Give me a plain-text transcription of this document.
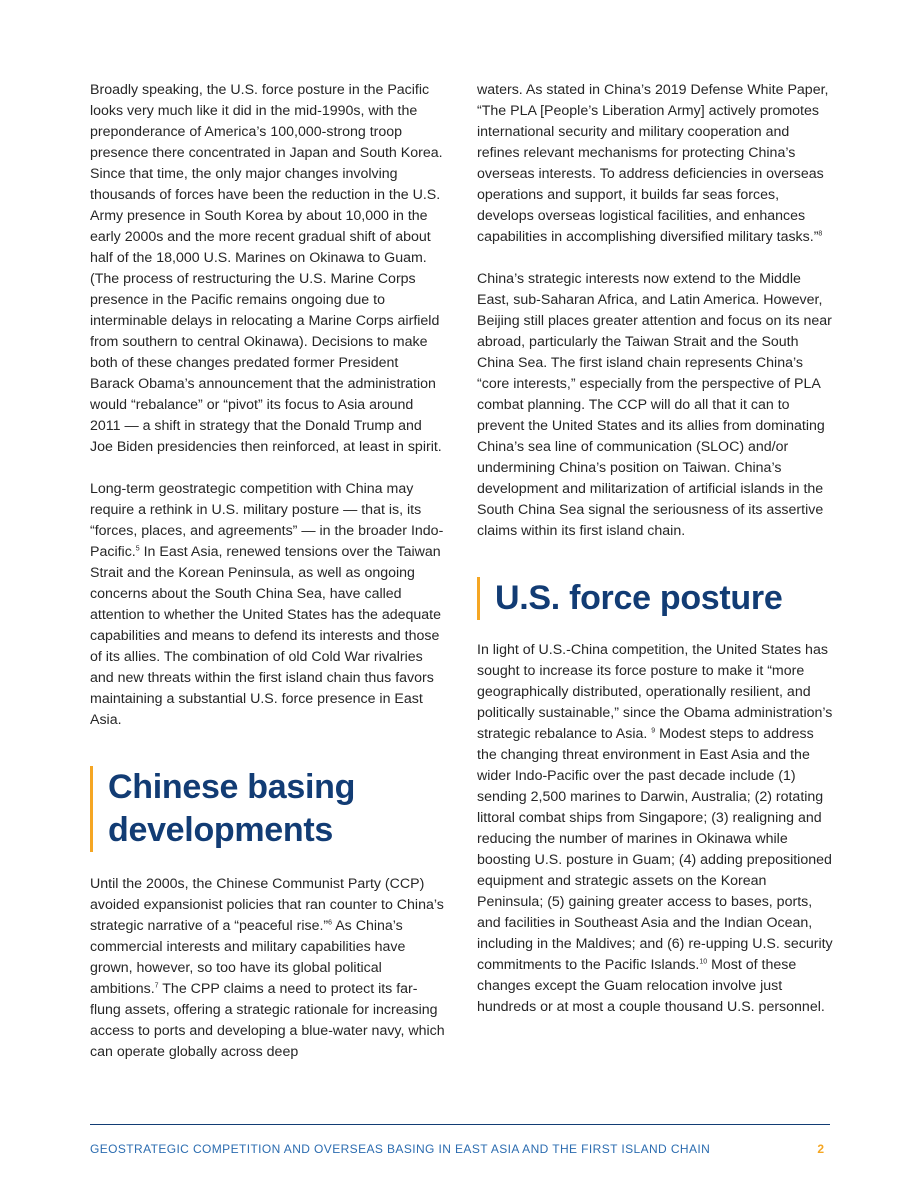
Broadly speaking, the U.S. force posture in the Pacific looks very much like it did in the mid-1990s, with the preponderance of America’s 100,000-strong troop presence there concentrated in Japan and South Korea. Since that time, the only major changes involving thousands of forces have been the reduction in the U.S. Army presence in South Korea by about 10,000 in the early 2000s and the more recent gradual shift of about half of the 18,000 U.S. Marines on Okinawa to Guam. (The process of restructuring the U.S. Marine Corps presence in the Pacific remains ongoing due to interminable delays in relocating a Marine Corps airfield from southern to central Okinawa). Decisions to make both of these changes predated former President Barack Obama’s announcement that the administration would “rebalance” or “pivot” its focus to Asia around 2011 — a shift in strategy that the Donald Trump and Joe Biden presidencies then reinforced, at least in spirit.

Long-term geostrategic competition with China may require a rethink in U.S. military posture — that is, its “forces, places, and agreements” — in the broader Indo-Pacific.$^5$ In East Asia, renewed tensions over the Taiwan Strait and the Korean Peninsula, as well as ongoing concerns about the South China Sea, have called attention to whether the United States has the adequate capabilities and means to defend its interests and those of its allies. The combination of old Cold War rivalries and new threats within the first island chain thus favors maintaining a substantial U.S. force presence in East Asia.

Chinese basing developments

Until the 2000s, the Chinese Communist Party (CCP) avoided expansionist policies that ran counter to China’s strategic narrative of a “peaceful rise.”$^6$ As China’s commercial interests and military capabilities have grown, however, so too have its global political ambitions.$^7$ The CPP claims a need to protect its far-flung assets, offering a strategic rationale for increasing access to ports and developing a blue-water navy, which can operate globally across deep

waters. As stated in China’s 2019 Defense White Paper, “The PLA [People’s Liberation Army] actively promotes international security and military cooperation and refines relevant mechanisms for protecting China’s overseas interests. To address deficiencies in overseas operations and support, it builds far seas forces, develops overseas logistical facilities, and enhances capabilities in accomplishing diversified military tasks.”$^8$

China’s strategic interests now extend to the Middle East, sub-Saharan Africa, and Latin America. However, Beijing still places greater attention and focus on its near abroad, particularly the Taiwan Strait and the South China Sea. The first island chain represents China’s “core interests,” especially from the perspective of PLA combat planning. The CCP will do all that it can to prevent the United States and its allies from dominating China’s sea line of communication (SLOC) and/or undermining China’s position on Taiwan. China’s development and militarization of artificial islands in the South China Sea signal the seriousness of its assertive claims within its first island chain.

U.S. force posture

In light of U.S.-China competition, the United States has sought to increase its force posture to make it “more geographically distributed, operationally resilient, and politically sustainable,” since the Obama administration’s strategic rebalance to Asia. $^9$ Modest steps to address the changing threat environment in East Asia and the wider Indo-Pacific over the past decade include (1) sending 2,500 marines to Darwin, Australia; (2) rotating littoral combat ships from Singapore; (3) realigning and reducing the number of marines in Okinawa while boosting U.S. posture in Guam; (4) adding prepositioned equipment and strategic assets on the Korean Peninsula; (5) gaining greater access to bases, ports, and facilities in Southeast Asia and the Indian Ocean, including in the Maldives; and (6) re-upping U.S. security commitments to the Pacific Islands.$^{10}$ Most of these changes except the Guam relocation involve just hundreds or at most a couple thousand U.S. personnel.

GEOSTRATEGIC COMPETITION AND OVERSEAS BASING IN EAST ASIA AND THE FIRST ISLAND CHAIN	2
